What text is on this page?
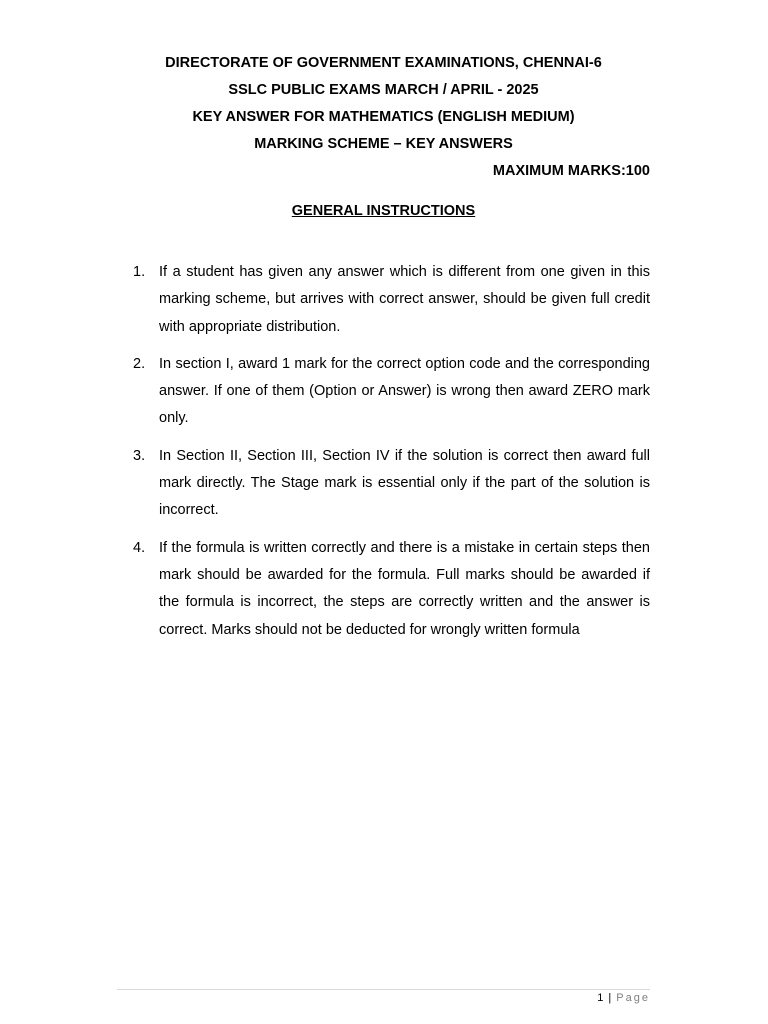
DIRECTORATE OF GOVERNMENT EXAMINATIONS, CHENNAI-6
SSLC PUBLIC EXAMS MARCH / APRIL - 2025
KEY ANSWER FOR MATHEMATICS (ENGLISH MEDIUM)
MARKING SCHEME – KEY ANSWERS
MAXIMUM MARKS:100
GENERAL INSTRUCTIONS
1. If a student has given any answer which is different from one given in this marking scheme, but arrives with correct answer, should be given full credit with appropriate distribution.
2. In section I, award 1 mark for the correct option code and the corresponding answer. If one of them (Option or Answer) is wrong then award ZERO mark only.
3. In Section II, Section III, Section IV if the solution is correct then award full mark directly. The Stage mark is essential only if the part of the solution is incorrect.
4. If the formula is written correctly and there is a mistake in certain steps then mark should be awarded for the formula. Full marks should be awarded if the formula is incorrect, the steps are correctly written and the answer is correct. Marks should not be deducted for wrongly written formula
1 | Page
